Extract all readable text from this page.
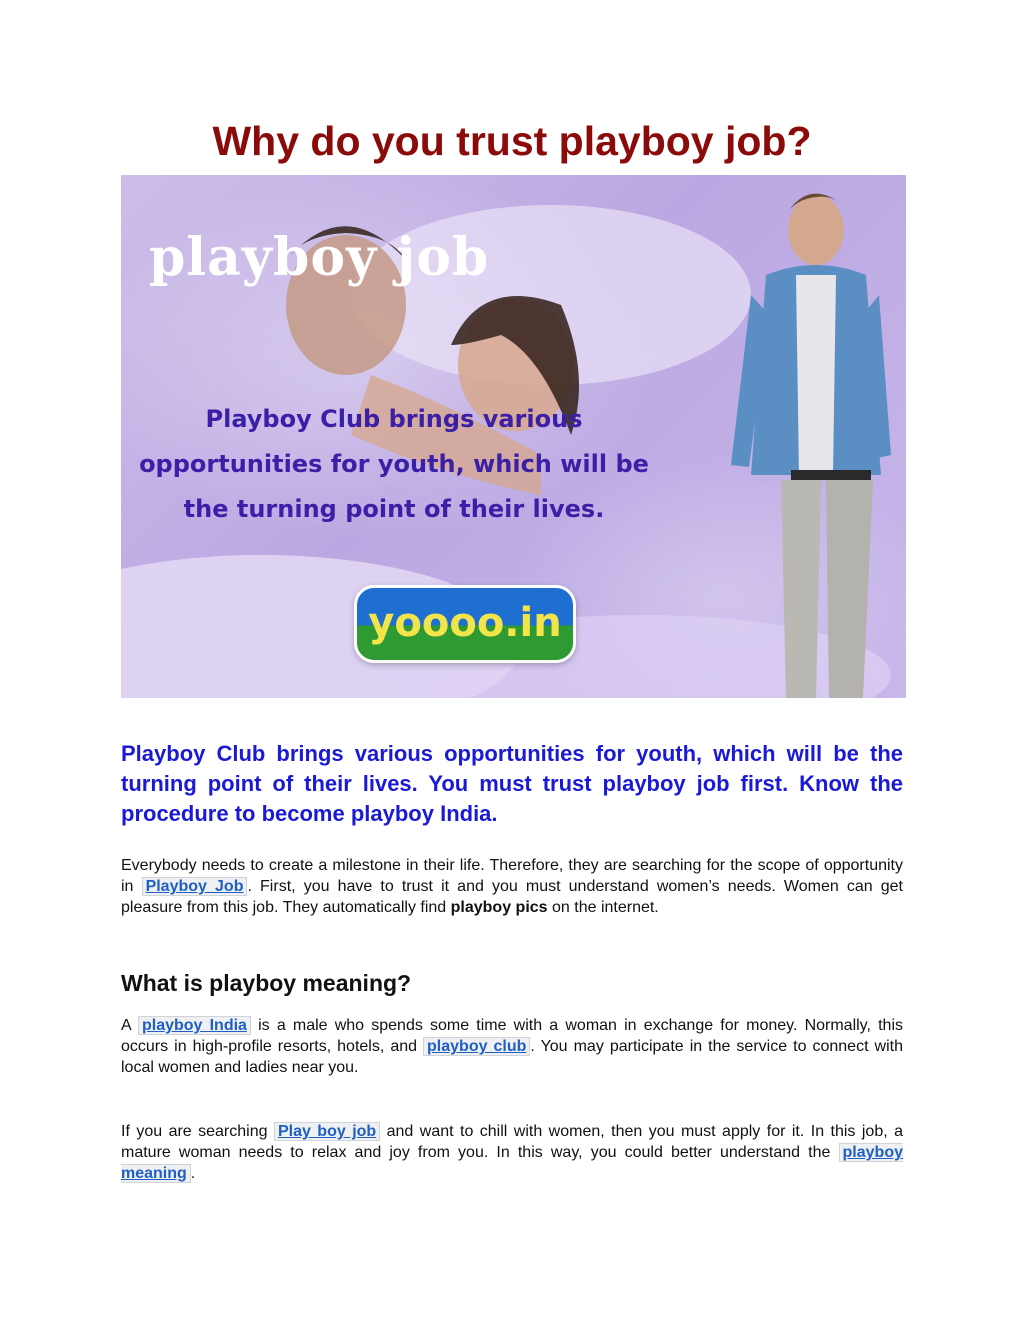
Why do you trust playboy job?
playboy job
Playboy Club brings various opportunities for youth, which will be the turning point of their lives.
yoooo.in

Playboy Club brings various opportunities for youth, which will be the turning point of their lives. You must trust playboy job first. Know the procedure to become playboy India.

Everybody needs to create a milestone in their life. Therefore, they are searching for the scope of opportunity in Playboy Job . First, you have to trust it and you must understand women’s needs. Women can get pleasure from this job. They automatically find playboy pics on the internet.

What is playboy meaning?

A playboy India is a male who spends some time with a woman in exchange for money. Normally, this occurs in high-profile resorts, hotels, and playboy club . You may participate in the service to connect with local women and ladies near you.

If you are searching Play boy job and want to chill with women, then you must apply for it. In this job, a mature woman needs to relax and joy from you. In this way, you could better understand the playboy meaning .
